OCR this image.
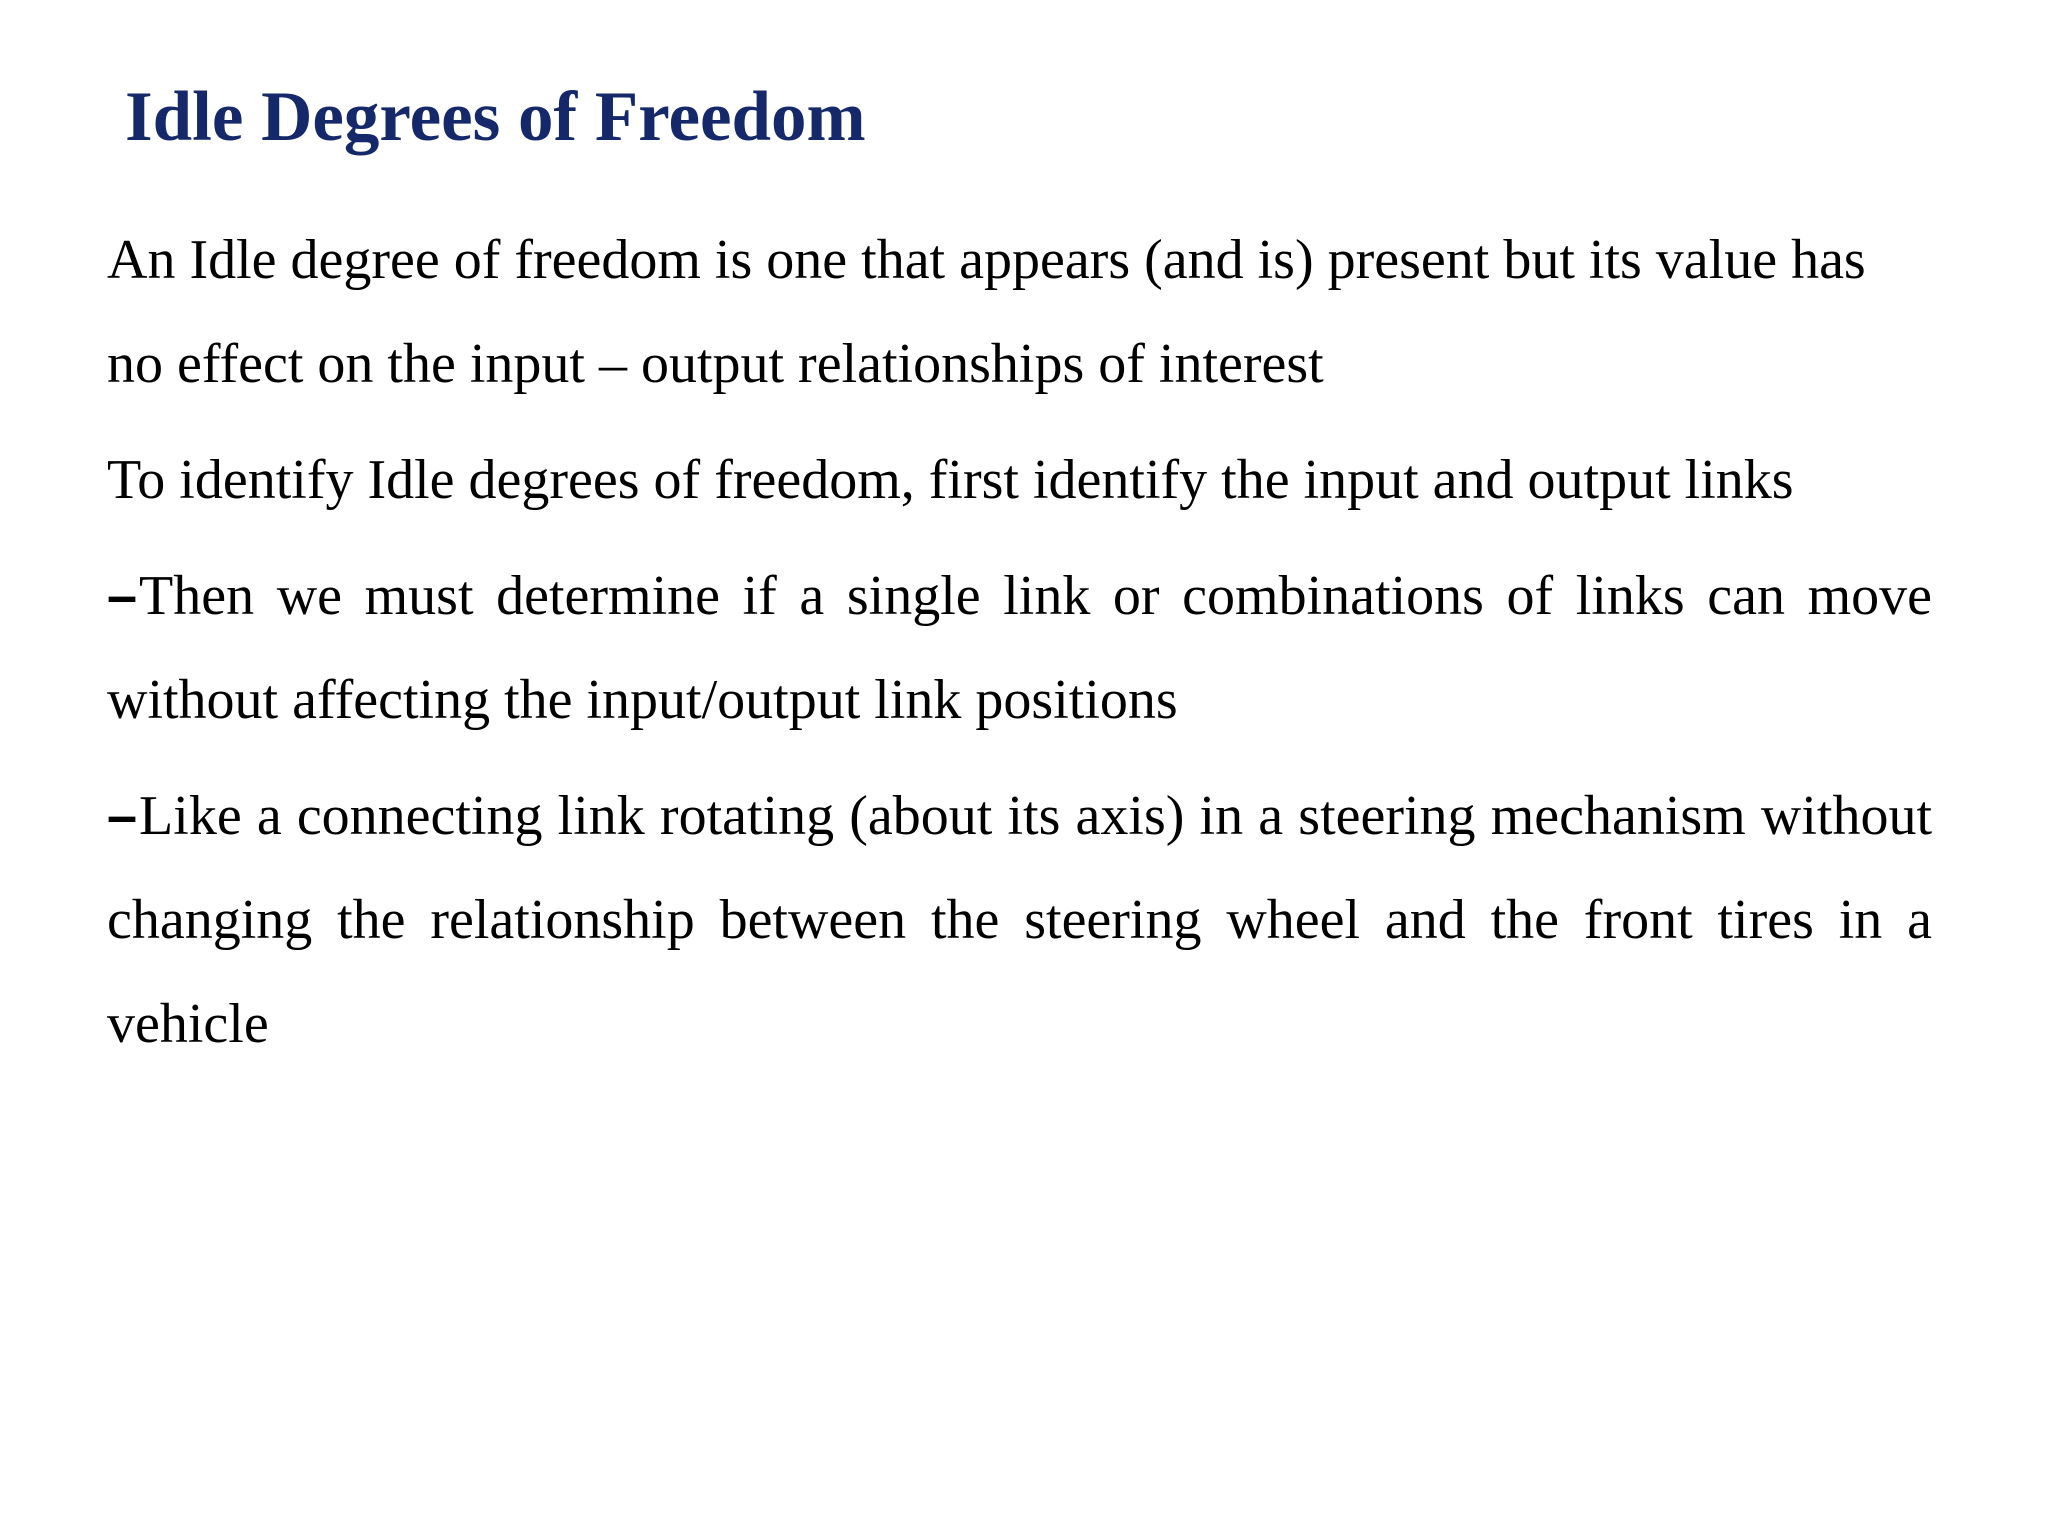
Idle Degrees of Freedom

An Idle degree of freedom is one that appears (and is) present but its value has no effect on the input – output relationships of interest

To identify Idle degrees of freedom, first identify the input and output links

–Then we must determine if a single link or combinations of links can move without affecting the input/output link positions

–Like a connecting link rotating (about its axis) in a steering mechanism without changing the relationship between the steering wheel and the front tires in a vehicle
